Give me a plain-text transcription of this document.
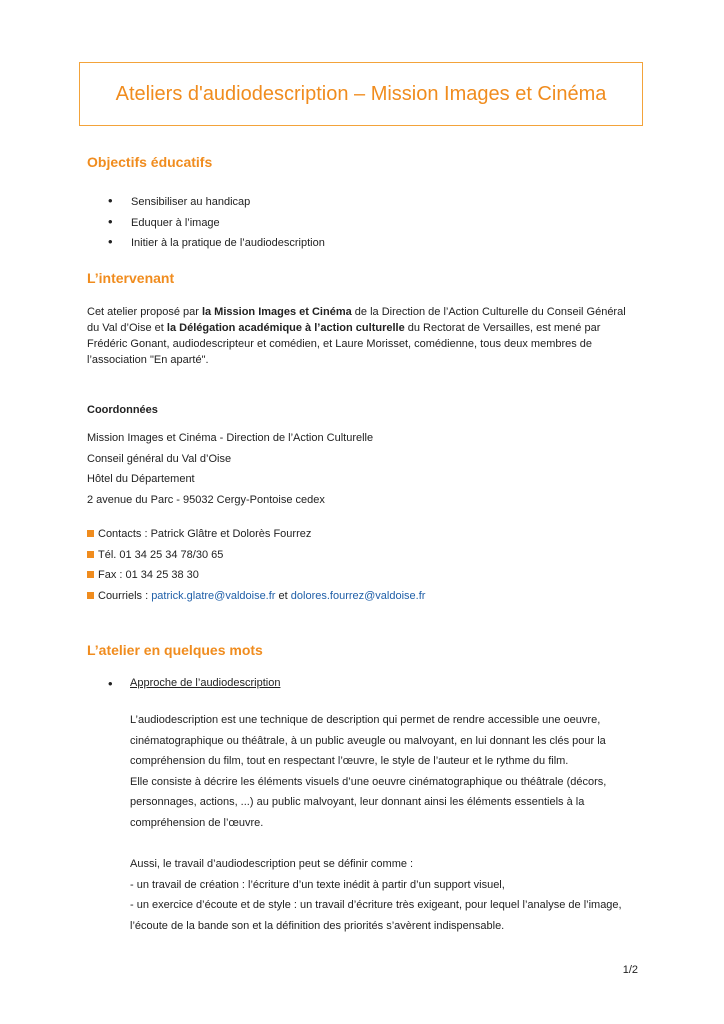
Ateliers d'audiodescription – Mission Images et Cinéma
Objectifs éducatifs
• Sensibiliser au handicap
• Eduquer à l’image
• Initier à la pratique de l’audiodescription
L’intervenant

Cet atelier proposé par la Mission Images et Cinéma de la Direction de l’Action Culturelle du Conseil Général du Val d’Oise et la Délégation académique à l’action culturelle du Rectorat de Versailles, est mené par Frédéric Gonant, audiodescripteur et comédien, et Laure Morisset, comédienne, tous deux membres de l’association "En aparté".

Coordonnées
Mission Images et Cinéma - Direction de l’Action Culturelle
Conseil général du Val d’Oise
Hôtel du Département
2 avenue du Parc - 95032 Cergy-Pontoise cedex
Contacts : Patrick Glâtre et Dolorès Fourrez
Tél. 01 34 25 34 78/30 65
Fax : 01 34 25 38 30
Courriels : patrick.glatre@valdoise.fr et dolores.fourrez@valdoise.fr
L’atelier en quelques mots
• Approche de l’audiodescription

L’audiodescription est une technique de description qui permet de rendre accessible une oeuvre,

cinématographique ou théâtrale, à un public aveugle ou malvoyant, en lui donnant les clés pour la

compréhension du film, tout en respectant l’œuvre, le style de l’auteur et le rythme du film.

Elle consiste à décrire les éléments visuels d’une oeuvre cinématographique ou théâtrale (décors,

personnages, actions, ...) au public malvoyant, leur donnant ainsi les éléments essentiels à la

compréhension de l’œuvre.

Aussi, le travail d’audiodescription peut se définir comme :

- un travail de création : l’écriture d’un texte inédit à partir d’un support visuel,

- un exercice d’écoute et de style : un travail d’écriture très exigeant, pour lequel l’analyse de l’image,

l’écoute de la bande son et la définition des priorités s’avèrent indispensable.

1/2
